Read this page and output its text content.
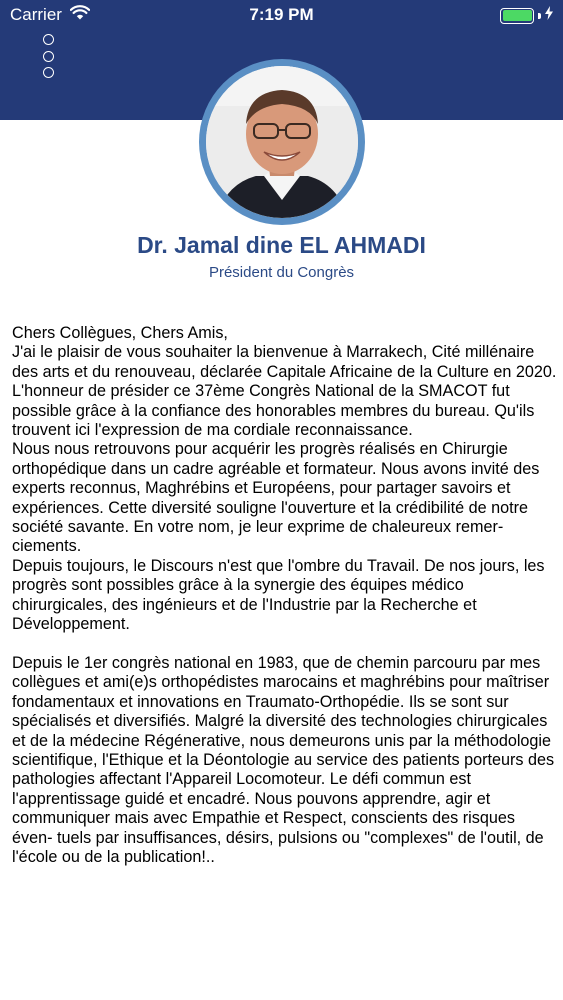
Carrier	7:19 PM
Dr. Jamal dine EL AHMADI
Président du Congrès

Chers Collègues, Chers Amis,

J'ai le plaisir de vous souhaiter la bienvenue à Marrakech, Cité millénaire des arts et du renouveau, déclarée Capitale Africaine de la Culture en 2020. L'honneur de présider ce 37ème Congrès National de la SMACOT fut possible grâce à la confiance des honorables membres du bureau. Qu'ils trouvent ici l'expression de ma cordiale reconnaissance.

Nous nous retrouvons pour acquérir les progrès réalisés en Chirurgie orthopédique dans un cadre agréable et formateur. Nous avons invité des experts reconnus, Maghrébins et Européens, pour partager savoirs et expériences. Cette diversité souligne l'ouverture et la crédibilité de notre société savante. En votre nom, je leur exprime de chaleureux remer- ciements.

Depuis toujours, le Discours n'est que l'ombre du Travail. De nos jours, les progrès sont possibles grâce à la synergie des équipes médico chirurgicales, des ingénieurs et de l'Industrie par la Recherche et Développement.

Depuis le 1er congrès national en 1983, que de chemin parcouru par mes collègues et ami(e)s orthopédistes marocains et maghrébins pour maîtriser fondamentaux et innovations en Traumato-Orthopédie. Ils se sont sur spécialisés et diversifiés. Malgré la diversité des technologies chirurgicales et de la médecine Régénerative, nous demeurons unis par la méthodologie scientifique, l'Ethique et la Déontologie au service des patients porteurs des pathologies affectant l'Appareil Locomoteur. Le défi commun est l'apprentissage guidé et encadré. Nous pouvons apprendre, agir et communiquer mais avec Empathie et Respect, conscients des risques éven- tuels par insuffisances, désirs, pulsions ou "complexes" de l'outil, de l'école ou de la publication!..
